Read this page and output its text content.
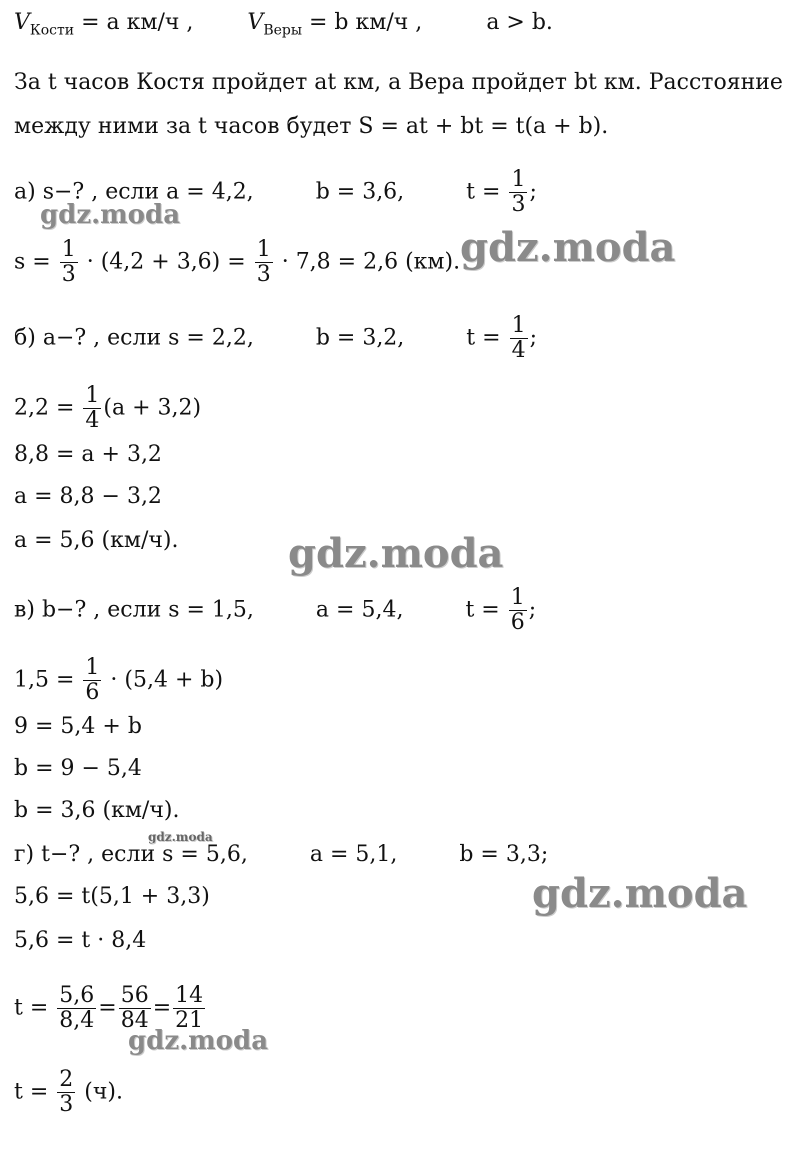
$V_{Кости} = a$ км/ч , $V_{Веры} = b$ км/ч ,	a > b.
За t часов Костя пройдет at км, а Вера пройдет bt км. Расстояние
между ними за t часов будет S = at + bt = t(a + b).
а) s−? , если a = 4,2,	b = 3,6,	$t = \frac{1}{3}$ ;
$s = \frac{1}{3} \cdot (4,2 + 3,6) = \frac{1}{3} \cdot 7,8 = 2,6$ (км).
б) a−? , если s = 2,2,	b = 3,2,	$t = \frac{1}{4}$ ;
$2,2 = \frac{1}{4} (a + 3,2)$
8,8 = a + 3,2
a = 8,8 − 3,2
a = 5,6 (км/ч).
в) b−? , если s = 1,5,	a = 5,4,	$t = \frac{1}{6}$ ;
$1,5 = \frac{1}{6} \cdot (5,4 + b)$
9 = 5,4 + b
b = 9 − 5,4
b = 3,6 (км/ч).
г) t−? , если s = 5,6,	a = 5,1,	b = 3,3;
5,6 = t(5,1 + 3,3)
5,6 = t · 8,4
$t = \frac{5,6}{8,4} = \frac{56}{84} = \frac{14}{21}$
$t = \frac{2}{3} (ч)$.
gdz.moda
gdz.moda
gdz.moda
gdz.moda
gdz.moda
gdz.moda
